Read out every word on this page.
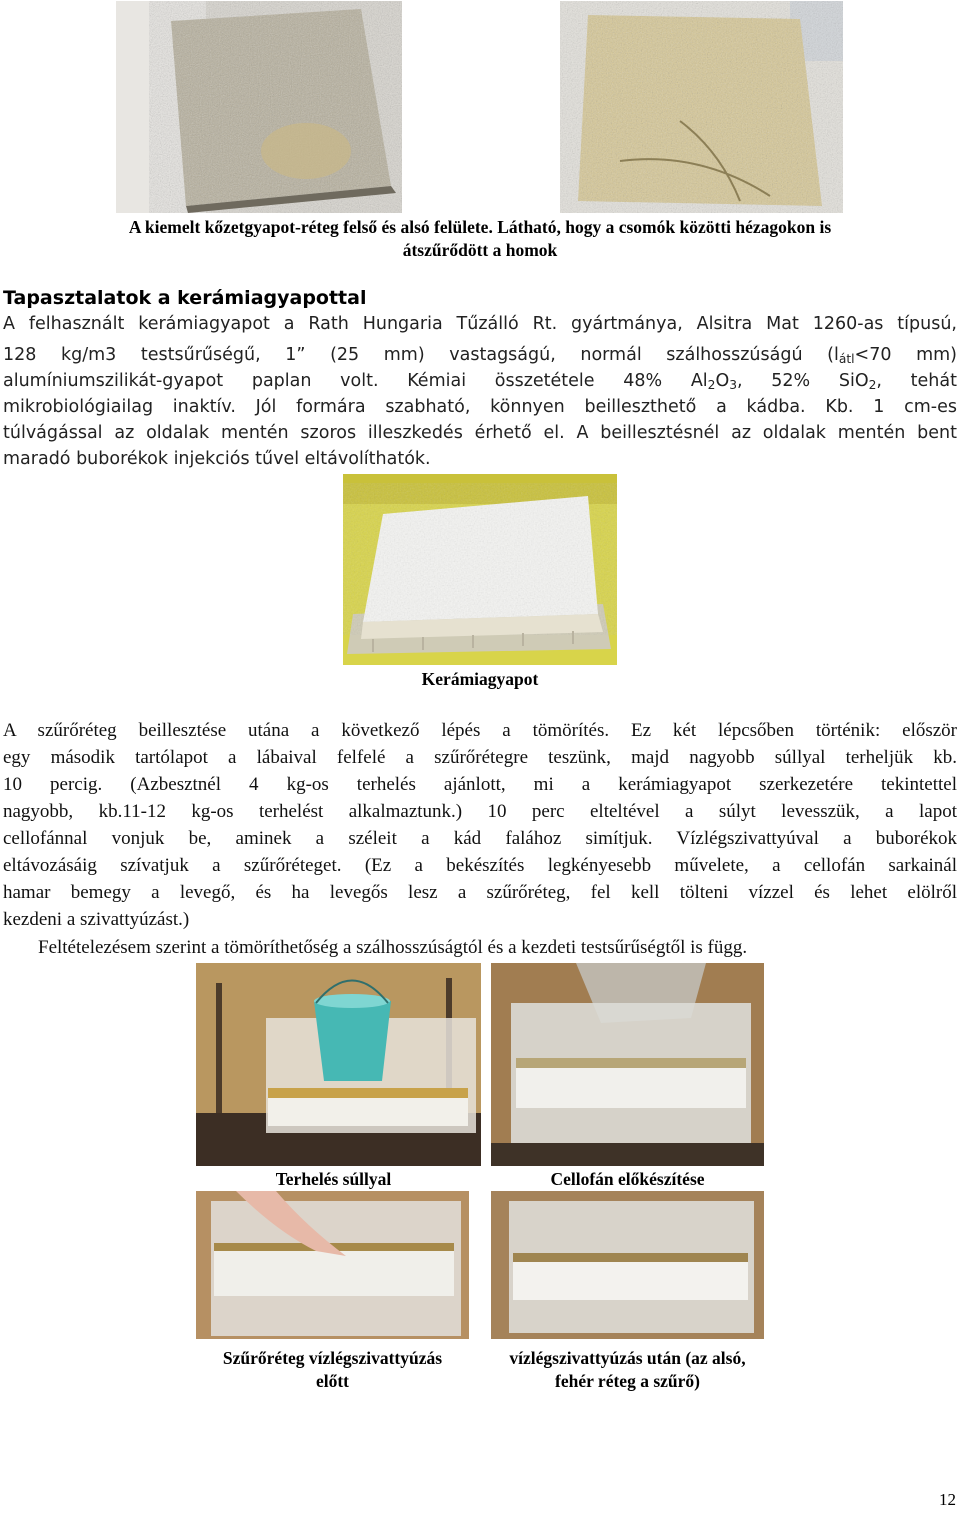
A kiemelt kőzetgyapot-réteg felső és alsó felülete. Látható, hogy a csomók közötti hézagokon is
átszűrődött a homok
Tapasztalatok a kerámiagyapottal
A felhasznált kerámiagyapot a Rath Hungaria Tűzálló Rt. gyártmánya, Alsitra Mat 1260-as típusú,
128 kg/m3 testsűrűségű, 1” (25 mm) vastagságú, normál szálhosszúságú ($l_{átl}<70$ mm)
alumíniumszilikát-gyapot paplan volt. Kémiai összetétele 48% $Al_2O_3$, 52% SiO$_2$, tehát
mikrobiológiailag inaktív. Jól formára szabható, könnyen beilleszthető a kádba. Kb. 1 cm-es
túlvágással az oldalak mentén szoros illeszkedés érhető el. A beillesztésnél az oldalak mentén bent
maradó buborékok injekciós tűvel eltávolíthatók.
Kerámiagyapot
A szűrőréteg beillesztése utána a következő lépés a tömörítés. Ez két lépcsőben történik: először
egy második tartólapot a lábaival felfelé a szűrőrétegre teszünk, majd nagyobb súllyal terheljük kb.
10 percig. (Azbesztnél 4 kg-os terhelés ajánlott, mi a kerámiagyapot szerkezetére tekintettel
nagyobb, kb.11-12 kg-os terhelést alkalmaztunk.) 10 perc elteltével a súlyt levesszük, a lapot
cellofánnal vonjuk be, aminek a széleit a kád falához simítjuk. Vízlégszivattyúval a buborékok
eltávozásáig szívatjuk a szűrőréteget. (Ez a bekészítés legkényesebb művelete, a cellofán sarkainál
hamar bemegy a levegő, és ha levegős lesz a szűrőréteg, fel kell tölteni vízzel és lehet elölről
kezdeni a szivattyúzást.)
Feltételezésem szerint a tömöríthetőség a szálhosszúságtól és a kezdeti testsűrűségtől is függ.
Terhelés súllyal	Cellofán előkészítése
Szűrőréteg vízlégszivattyúzás
előtt
vízlégszivattyúzás után (az alsó,
fehér réteg a szűrő)
12
